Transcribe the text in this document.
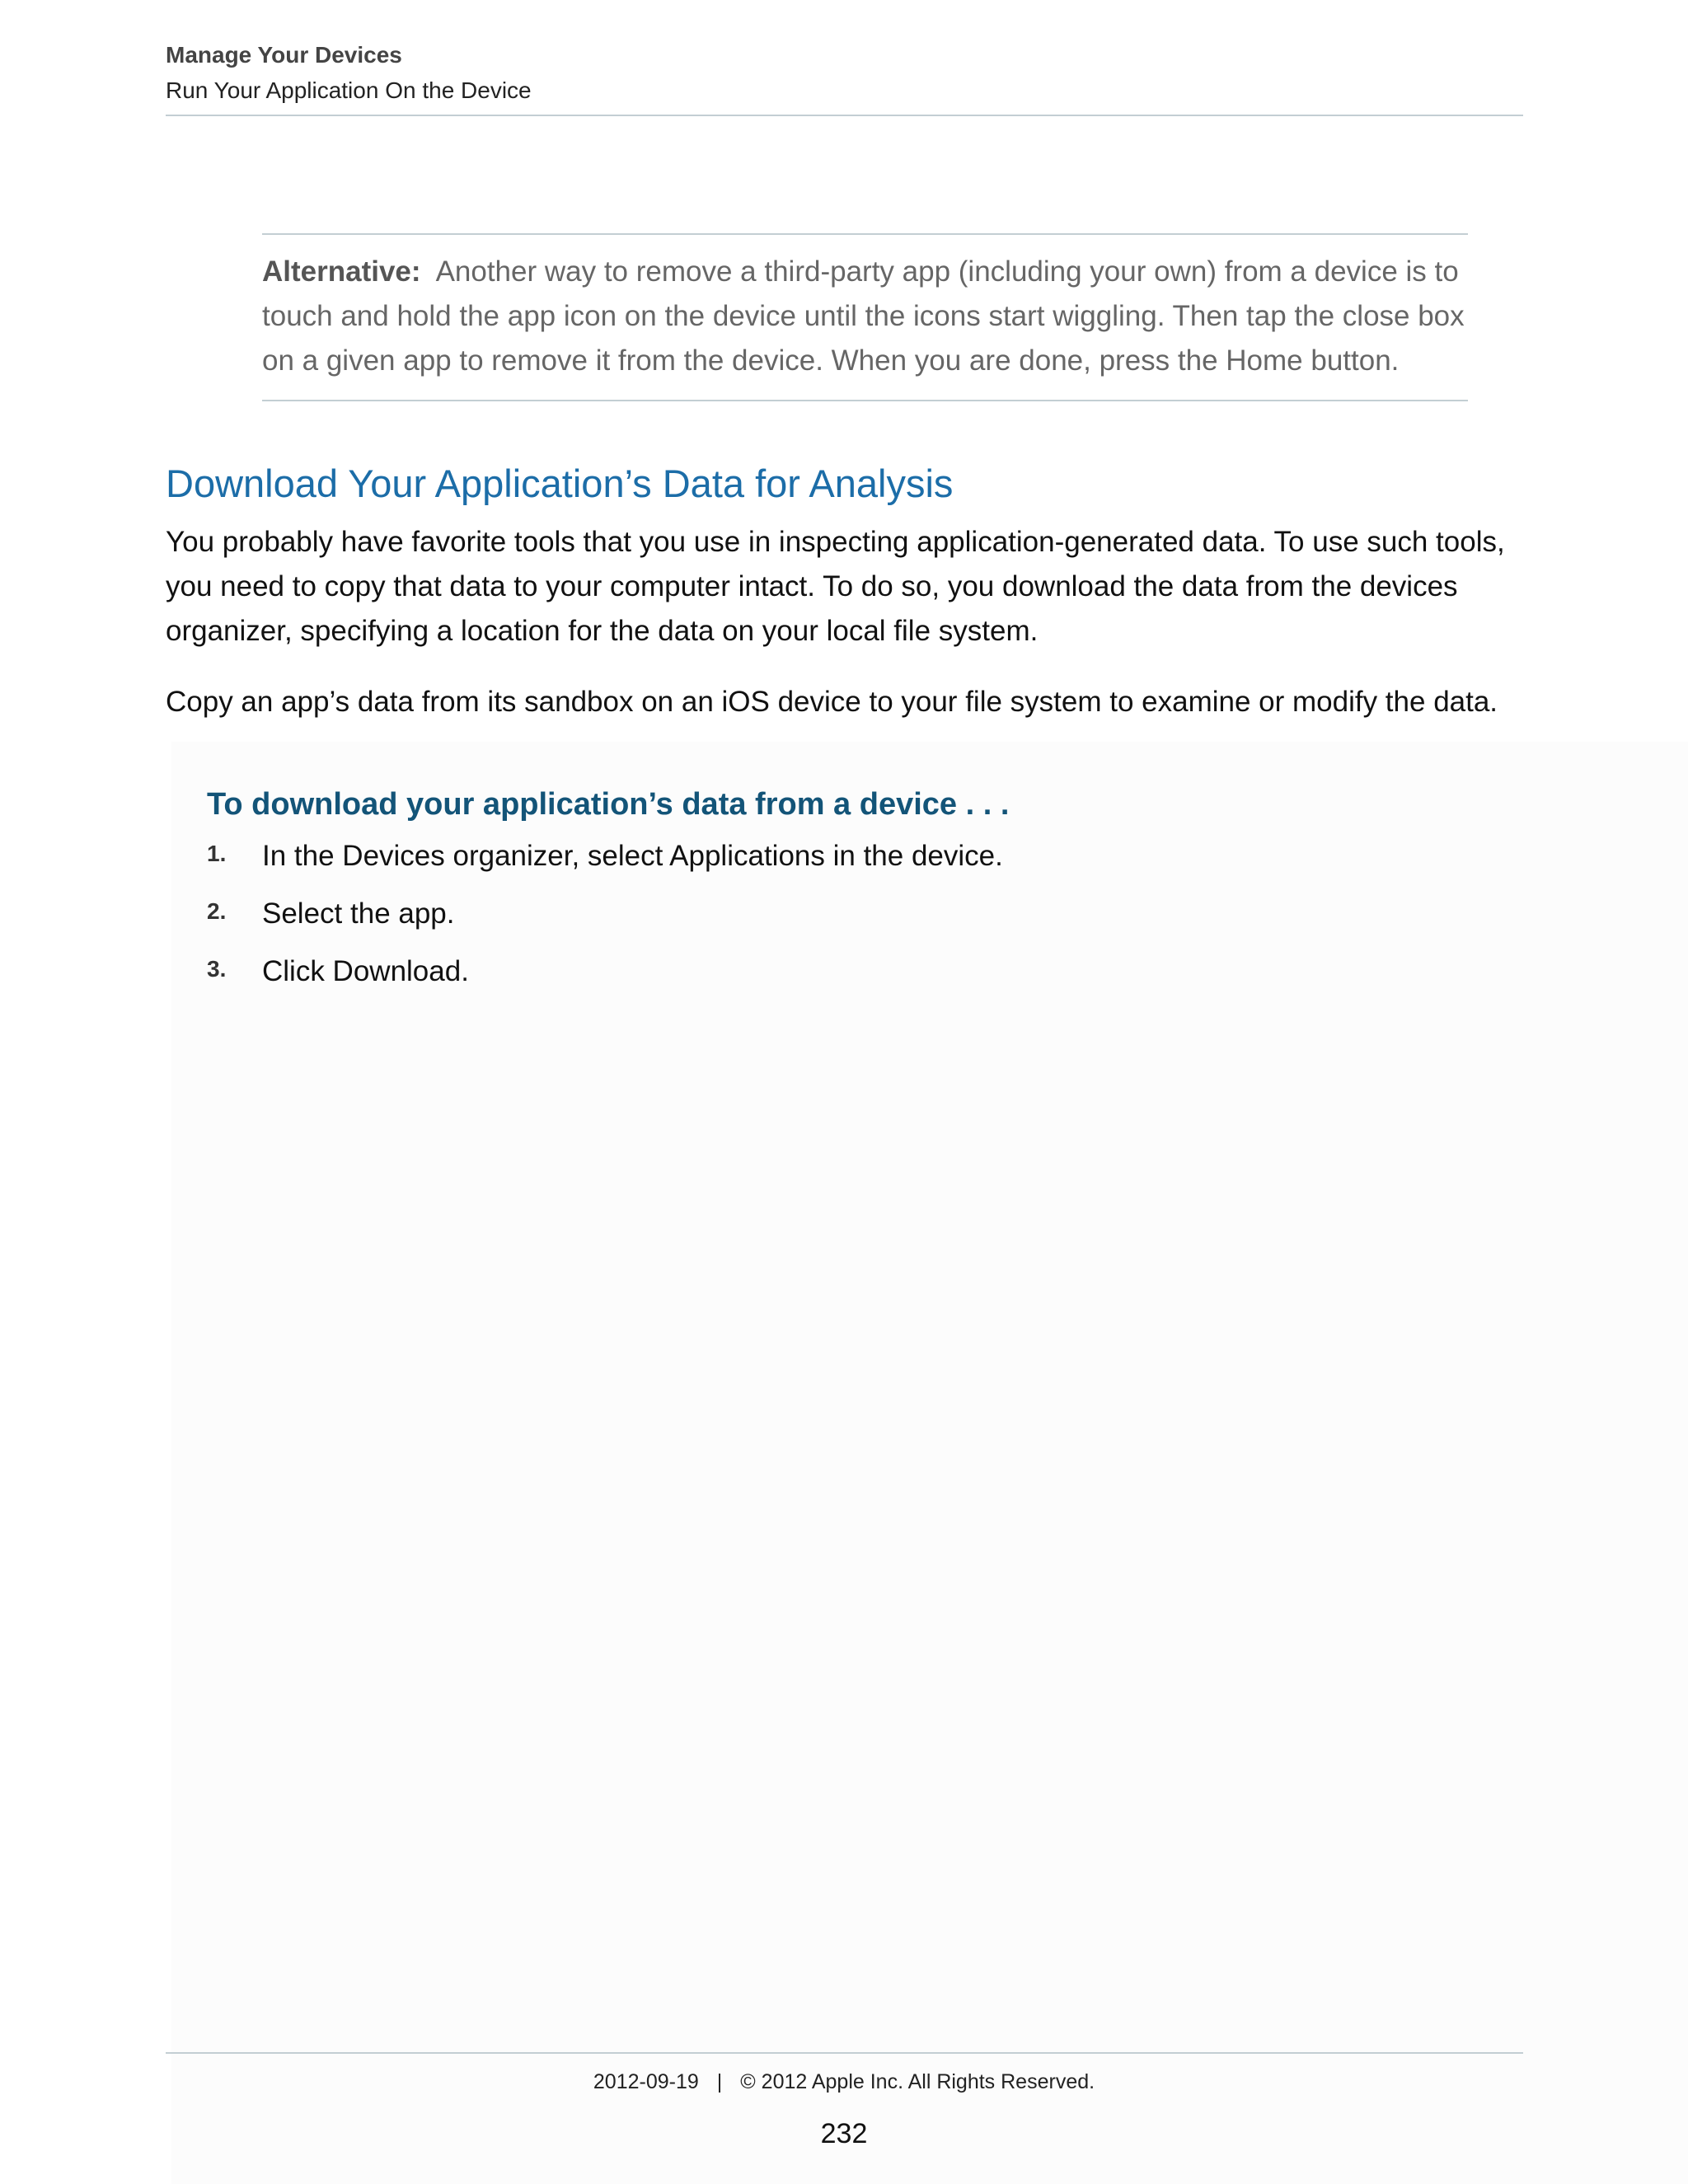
Manage Your Devices
Run Your Application On the Device

Alternative: Another way to remove a third-party app (including your own) from a device is to touch and hold the app icon on the device until the icons start wiggling. Then tap the close box on a given app to remove it from the device. When you are done, press the Home button.

Download Your Application’s Data for Analysis

You probably have favorite tools that you use in inspecting application-generated data. To use such tools, you need to copy that data to your computer intact. To do so, you download the data from the devices organizer, specifying a location for the data on your local file system.

Copy an app’s data from its sandbox on an iOS device to your file system to examine or modify the data.

To download your application’s data from a device . . .
1. In the Devices organizer, select Applications in the device.
2. Select the app.
3. Click Download.
2012-09-19 | © 2012 Apple Inc. All Rights Reserved.
232
